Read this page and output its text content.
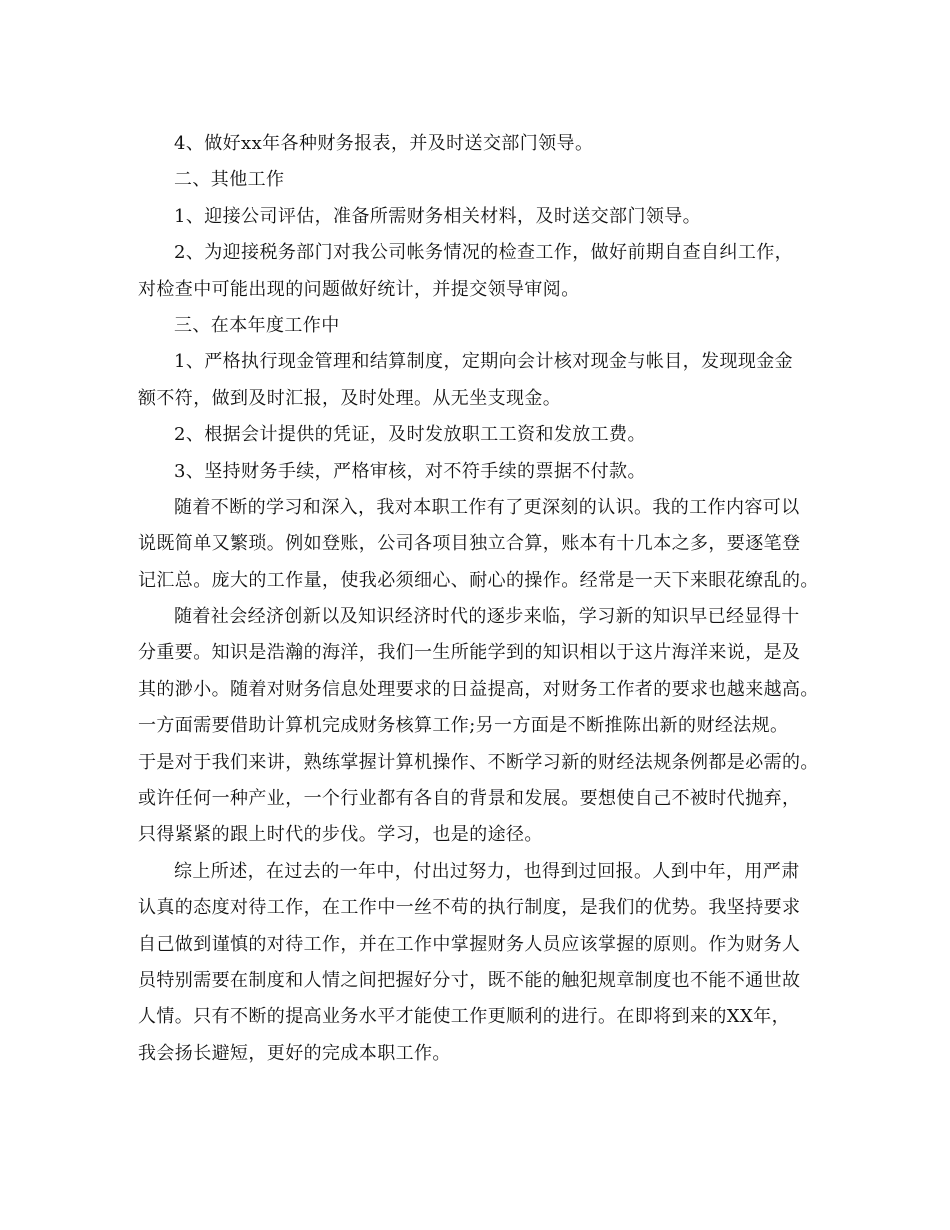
4、做好xx年各种财务报表，并及时送交部门领导。
二、其他工作
1、迎接公司评估，准备所需财务相关材料，及时送交部门领导。
2、为迎接税务部门对我公司帐务情况的检查工作，做好前期自查自纠工作，
对检查中可能出现的问题做好统计，并提交领导审阅。
三、在本年度工作中
1、严格执行现金管理和结算制度，定期向会计核对现金与帐目，发现现金金
额不符，做到及时汇报，及时处理。从无坐支现金。
2、根据会计提供的凭证，及时发放职工工资和发放工费。
3、坚持财务手续，严格审核，对不符手续的票据不付款。
随着不断的学习和深入，我对本职工作有了更深刻的认识。我的工作内容可以
说既简单又繁琐。例如登账，公司各项目独立合算，账本有十几本之多，要逐笔登
记汇总。庞大的工作量，使我必须细心、耐心的操作。经常是一天下来眼花缭乱的。
随着社会经济创新以及知识经济时代的逐步来临，学习新的知识早已经显得十
分重要。知识是浩瀚的海洋，我们一生所能学到的知识相以于这片海洋来说，是及
其的渺小。随着对财务信息处理要求的日益提高，对财务工作者的要求也越来越高。
一方面需要借助计算机完成财务核算工作;另一方面是不断推陈出新的财经法规。
于是对于我们来讲，熟练掌握计算机操作、不断学习新的财经法规条例都是必需的。
或许任何一种产业，一个行业都有各自的背景和发展。要想使自己不被时代抛弃，
只得紧紧的跟上时代的步伐。学习，也是的途径。
综上所述，在过去的一年中，付出过努力，也得到过回报。人到中年，用严肃
认真的态度对待工作，在工作中一丝不苟的执行制度，是我们的优势。我坚持要求
自己做到谨慎的对待工作，并在工作中掌握财务人员应该掌握的原则。作为财务人
员特别需要在制度和人情之间把握好分寸，既不能的触犯规章制度也不能不通世故
人情。只有不断的提高业务水平才能使工作更顺利的进行。在即将到来的XX年，
我会扬长避短，更好的完成本职工作。
